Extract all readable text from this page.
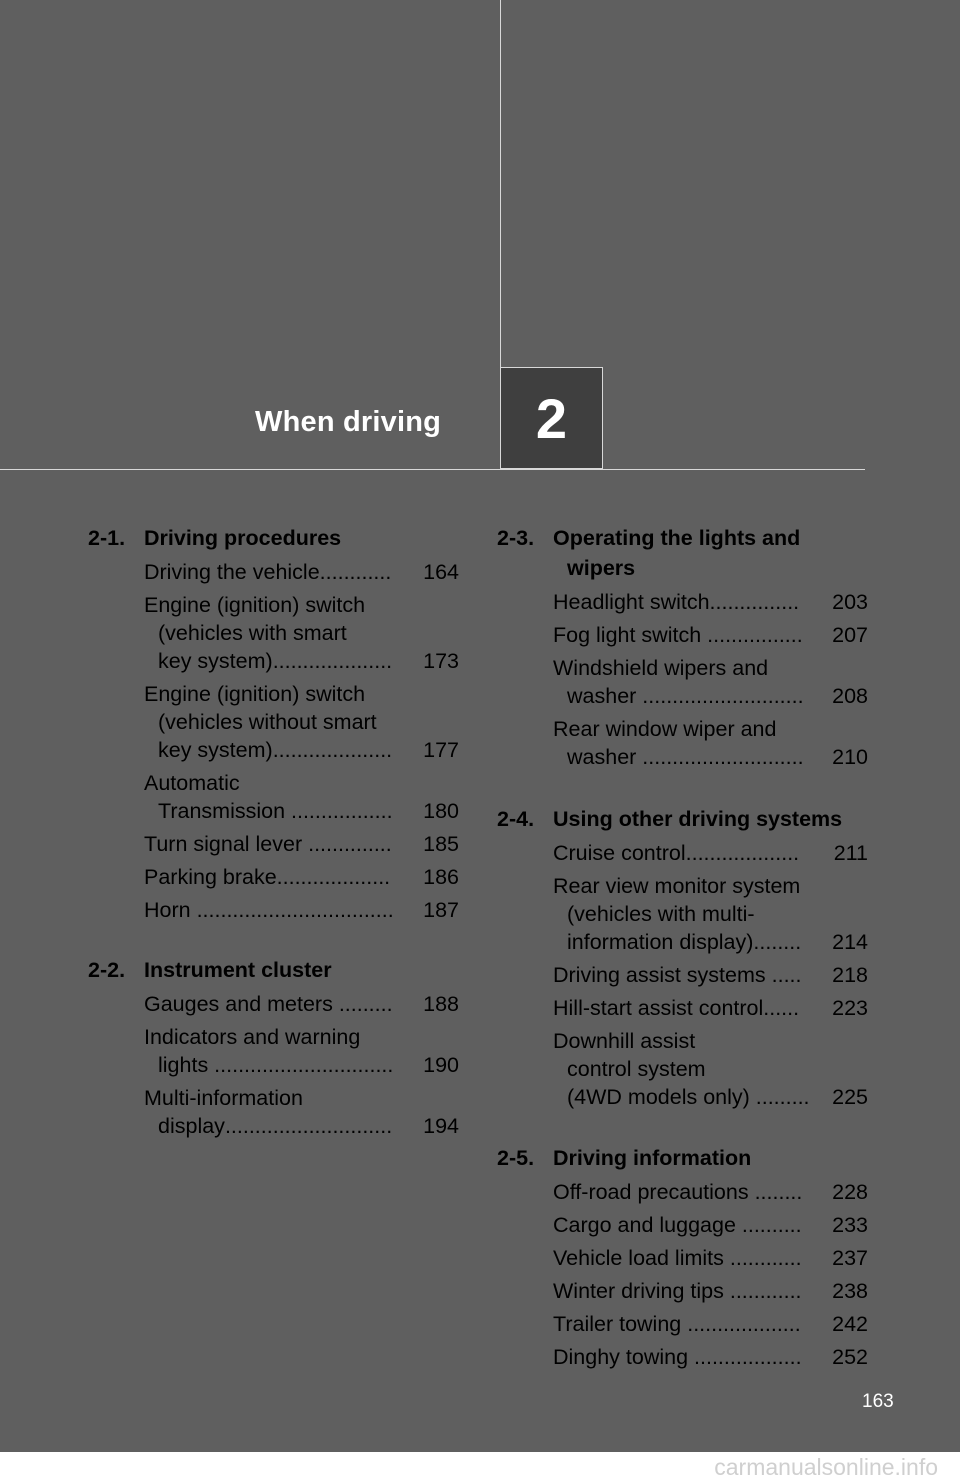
When driving 2
2-1. Driving procedures
Driving the vehicle ............	164
Engine (ignition) switch
(vehicles with smart
key system) ....................	173
Engine (ignition) switch
(vehicles without smart
key system) ....................	177
Automatic
Transmission .................	180
Turn signal lever ..............	185
Parking brake ...................	186
Horn .................................	187
2-2. Instrument cluster
Gauges and meters .........	188
Indicators and warning
lights ..............................	190
Multi-information
display ............................	194
2-3. Operating the lights and
wipers
Headlight switch ...............	203
Fog light switch ................	207
Windshield wipers and
washer ...........................	208
Rear window wiper and
washer ...........................	210
2-4. Using other driving systems
Cruise control ...................	211
Rear view monitor system
(vehicles with multi-
information display) ........	214
Driving assist systems .....	218
Hill-start assist control ......	223
Downhill assist
control system
(4WD models only) .........	225
2-5. Driving information
Off-road precautions ........	228
Cargo and luggage ..........	233
Vehicle load limits ............	237
Winter driving tips ............	238
Trailer towing ...................	242
Dinghy towing ..................	252
163
carmanualsonline.info
